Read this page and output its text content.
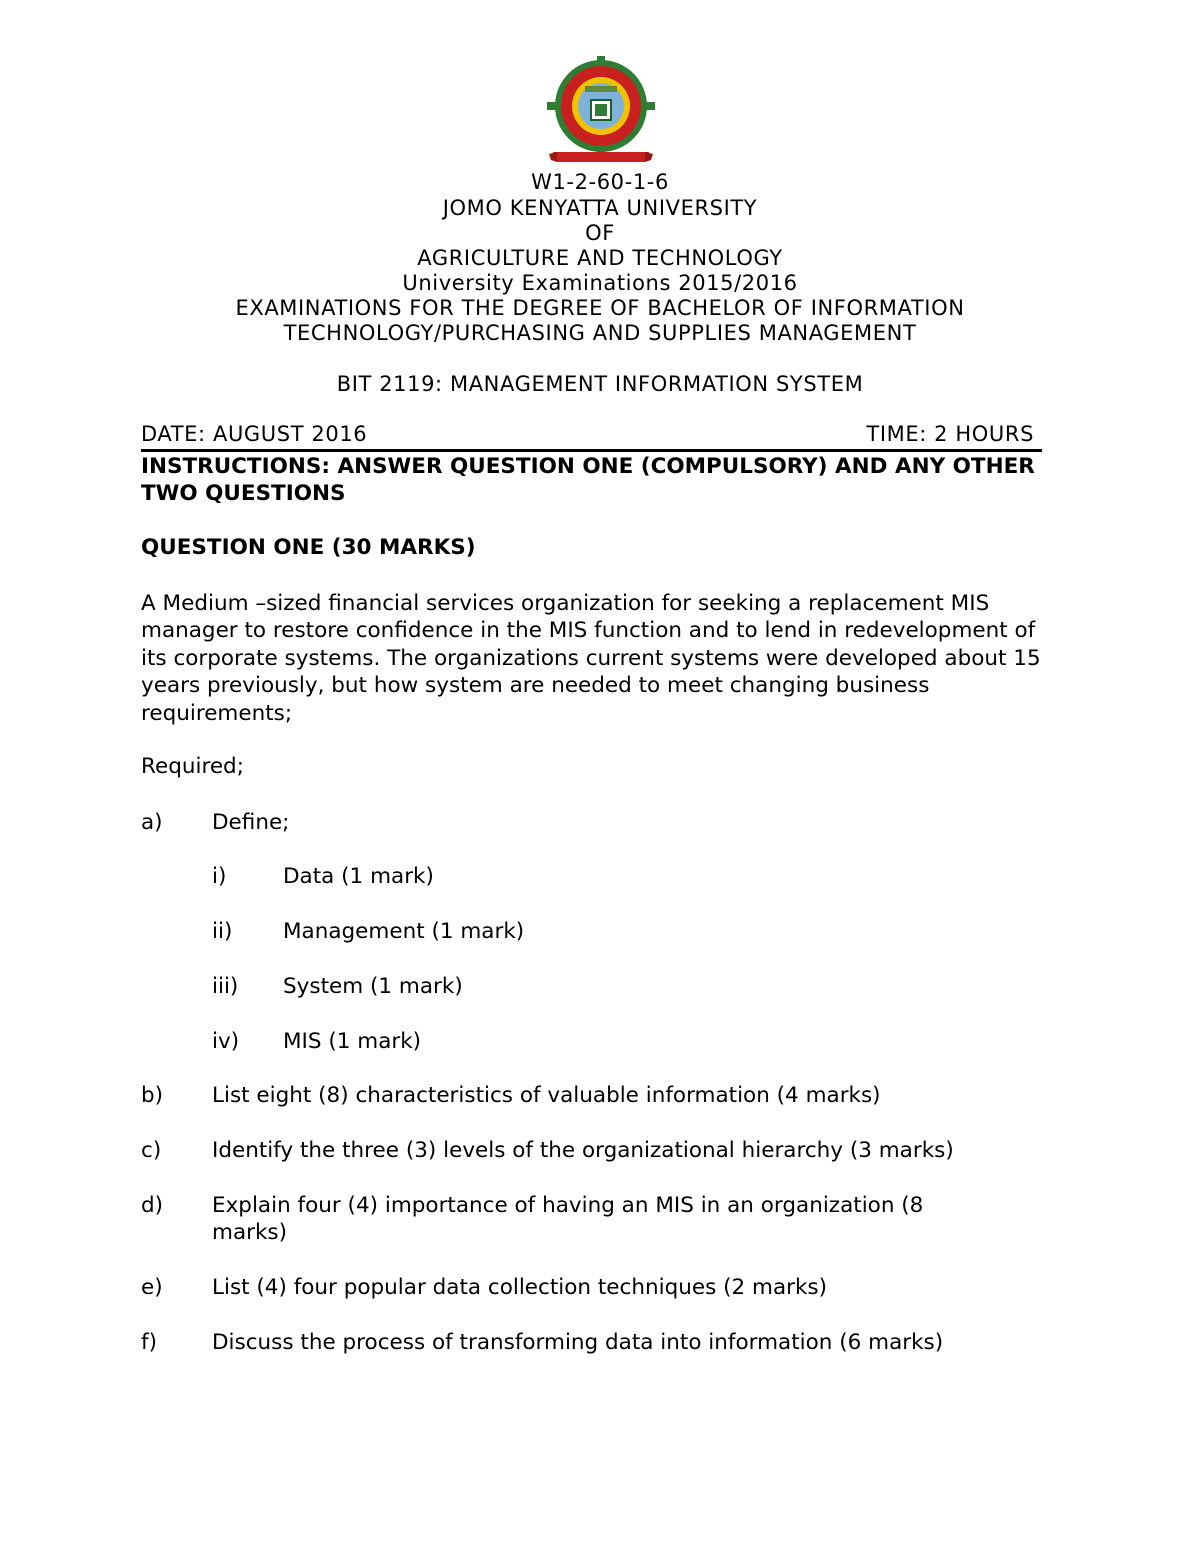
W1-2-60-1-6
JOMO KENYATTA UNIVERSITY
OF
AGRICULTURE AND TECHNOLOGY
University Examinations 2015/2016
EXAMINATIONS FOR THE DEGREE OF BACHELOR OF INFORMATION
TECHNOLOGY/PURCHASING AND SUPPLIES MANAGEMENT
BIT 2119: MANAGEMENT INFORMATION SYSTEM
DATE: AUGUST 2016	TIME: 2 HOURS
INSTRUCTIONS: ANSWER QUESTION ONE (COMPULSORY) AND ANY OTHER TWO QUESTIONS
QUESTION ONE (30 MARKS)
A Medium –sized financial services organization for seeking a replacement MIS manager to restore confidence in the MIS function and to lend in redevelopment of its corporate systems. The organizations current systems were developed about 15 years previously, but how system are needed to meet changing business requirements;
Required;
a) Define;
i)	Data (1 mark)
ii) Management (1 mark)
iii) System (1 mark)
iv) MIS (1 mark)
b) List eight (8) characteristics of valuable information (4 marks)
c) Identify the three (3) levels of the organizational hierarchy (3 marks)
d) Explain four (4) importance of having an MIS in an organization (8 marks)
e) List (4) four popular data collection techniques (2 marks)
f)	Discuss the process of transforming data into information (6 marks)
